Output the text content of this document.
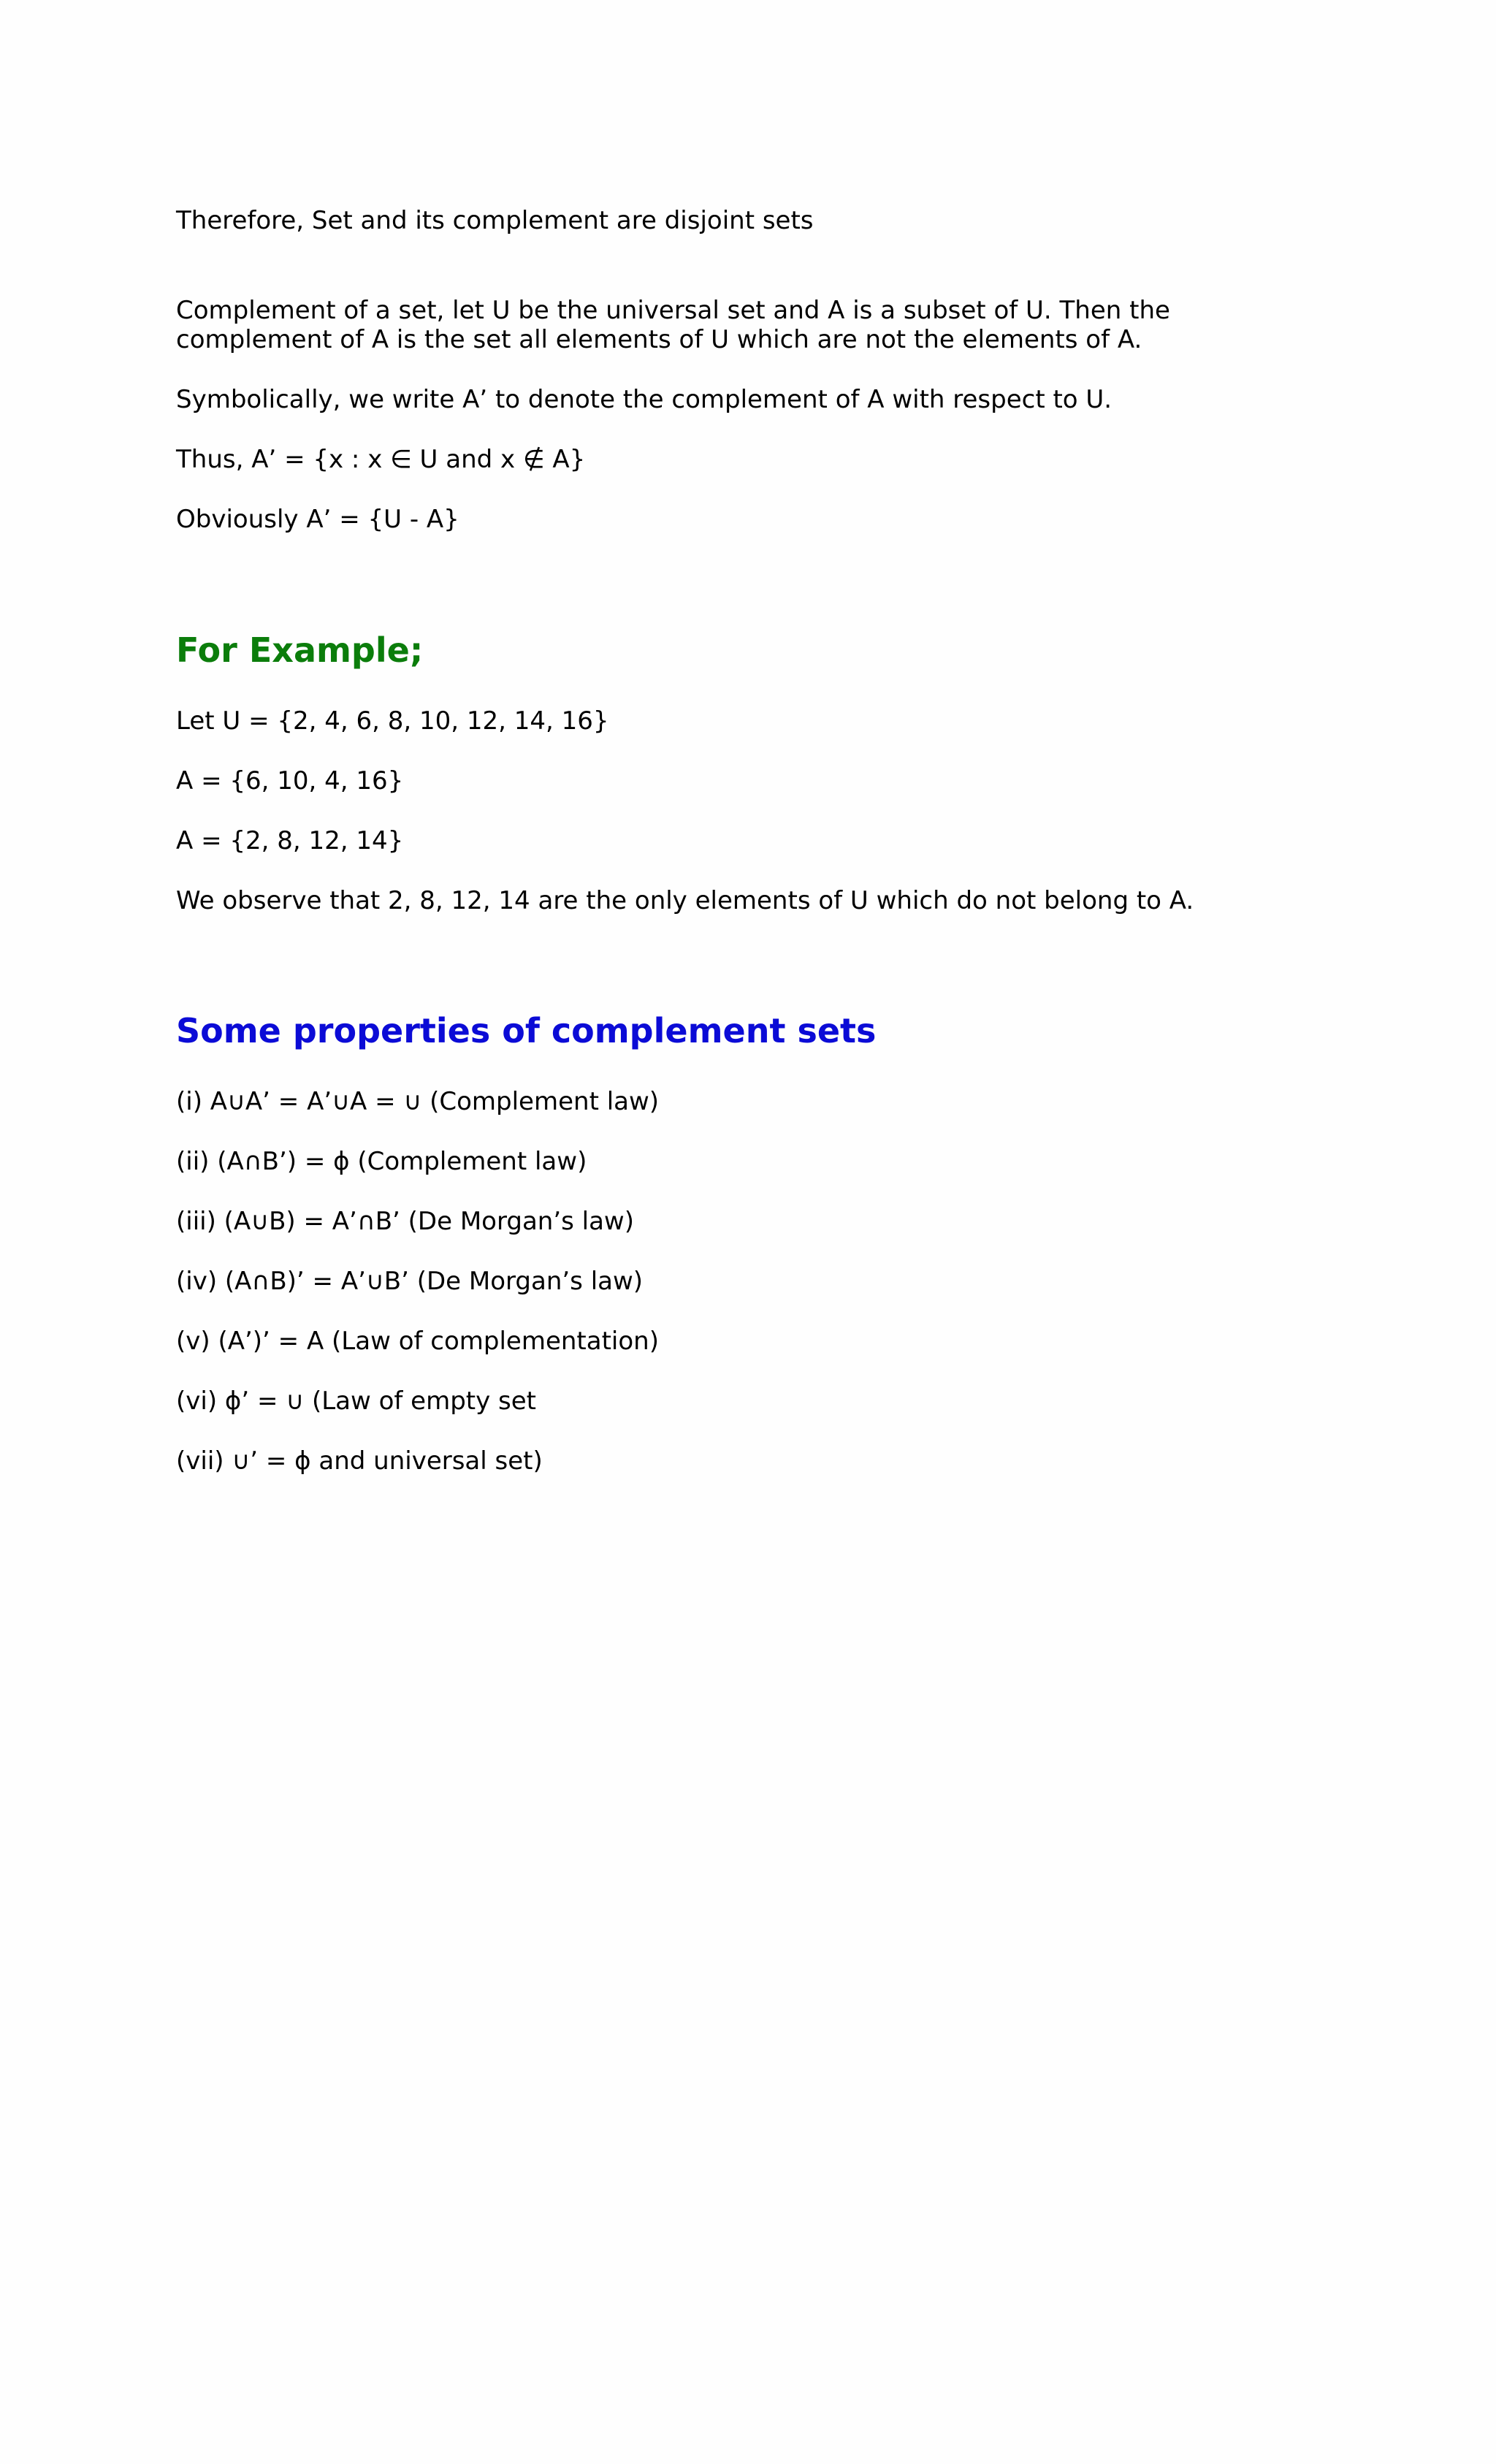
Therefore, Set and its complement are disjoint sets

Complement of a set, let U be the universal set and A is a subset of U. Then the

complement of A is the set all elements of U which are not the elements of A.

Symbolically, we write A’ to denote the complement of A with respect to U.

Thus, A’ = {x : x ∈ U and x ∉ A}

Obviously A’ = {U - A}

For Example;

Let U = {2, 4, 6, 8, 10, 12, 14, 16}

A = {6, 10, 4, 16}

A = {2, 8, 12, 14}

We observe that 2, 8, 12, 14 are the only elements of U which do not belong to A.

Some properties of complement sets

(i) A∪A’ = A’∪A = ∪ (Complement law)

(ii) (A∩B’) = ϕ (Complement law)

(iii) (A∪B) = A’∩B’ (De Morgan’s law)

(iv) (A∩B)’ = A’∪B’ (De Morgan’s law)

(v) (A’)’ = A (Law of complementation)

(vi) ϕ’ = ∪ (Law of empty set

(vii) ∪’ = ϕ and universal set)
